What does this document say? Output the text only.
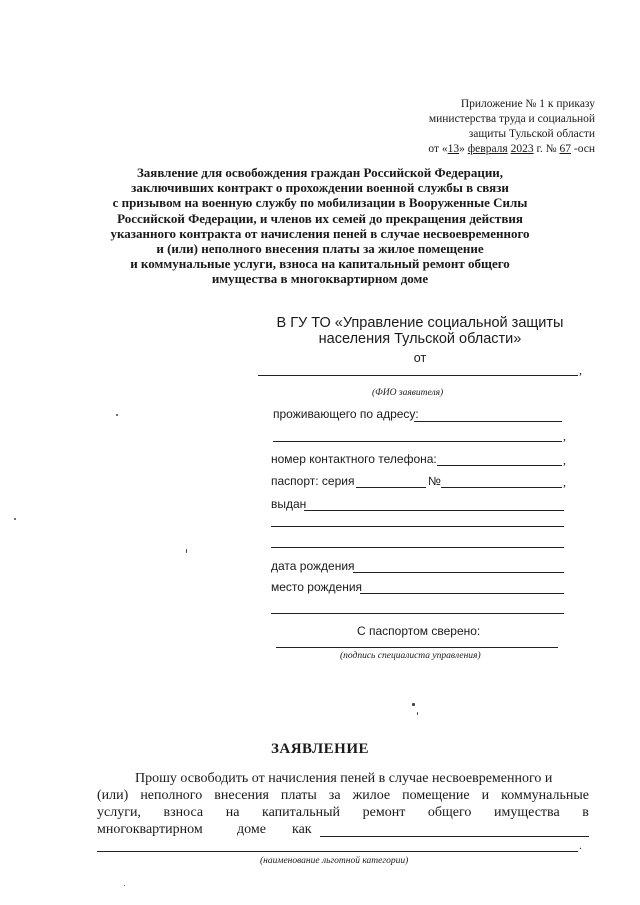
Приложение № 1 к приказу
министерства труда и социальной
защиты Тульской области
от «13» февраля 2023 г. № 67 -осн
Заявление для освобождения граждан Российской Федерации,
заключивших контракт о прохождении военной службы в связи
с призывом на военную службу по мобилизации в Вооруженные Силы
Российской Федерации, и членов их семей до прекращения действия
указанного контракта от начисления пеней в случае несвоевременного
и (или) неполного внесения платы за жилое помещение
и коммунальные услуги, взноса на капитальный ремонт общего
имущества в многоквартирном доме
В ГУ ТО «Управление социальной защиты
населения Тульской области»
от
,
(ФИО заявителя)
проживающего по адресу:
,
номер контактного телефона:	,
паспорт: серия	№	,
выдан
дата рождения
место рождения
С паспортом сверено:
(подпись специалиста управления)
ЗАЯВЛЕНИЕ
Прошу освободить от начисления пеней в случае несвоевременного и
(или) неполного внесения платы за жилое помещение и коммунальные
услуги, взноса на капитальный ремонт общего имущества в
многоквартирном доме как
.
(наименование льготной категории)
